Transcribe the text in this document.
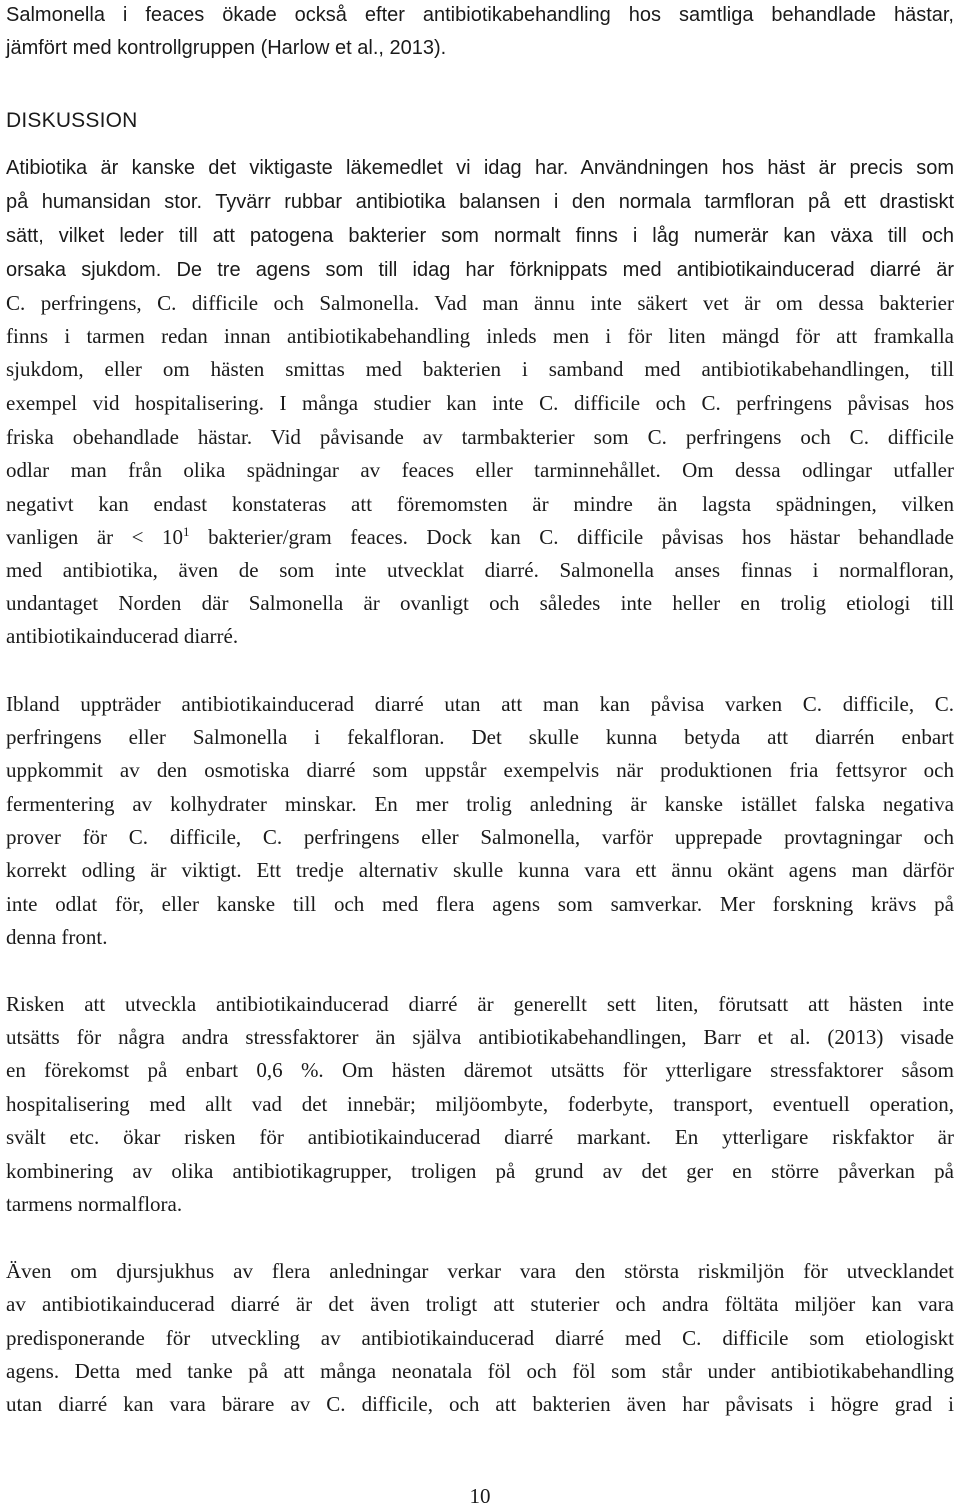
Salmonella i feaces ökade också efter antibiotikabehandling hos samtliga behandlade hästar,
jämfört med kontrollgruppen (Harlow et al., 2013).
DISKUSSION
Atibiotika är kanske det viktigaste läkemedlet vi idag har. Användningen hos häst är precis som
på humansidan stor. Tyvärr rubbar antibiotika balansen i den normala tarmfloran på ett drastiskt
sätt, vilket leder till att patogena bakterier som normalt finns i låg numerär kan växa till och
orsaka sjukdom. De tre agens som till idag har förknippats med antibiotikainducerad diarré är
C. perfringens, C. difficile och Salmonella. Vad man ännu inte säkert vet är om dessa bakterier
finns i tarmen redan innan antibiotikabehandling inleds men i för liten mängd för att framkalla
sjukdom, eller om hästen smittas med bakterien i samband med antibiotikabehandlingen, till
exempel vid hospitalisering. I många studier kan inte C. difficile och C. perfringens påvisas hos
friska obehandlade hästar. Vid påvisande av tarmbakterier som C. perfringens och C. difficile
odlar man från olika spädningar av feaces eller tarminnehållet. Om dessa odlingar utfaller
negativt kan endast konstateras att föremomsten är mindre än lagsta spädningen, vilken
vanligen är < $10^1$ bakterier/gram feaces. Dock kan C. difficile påvisas hos hästar behandlade
med antibiotika, även de som inte utvecklat diarré. Salmonella anses finnas i normalfloran,
undantaget Norden där Salmonella är ovanligt och således inte heller en trolig etiologi till
antibiotikainducerad diarré.
Ibland uppträder antibiotikainducerad diarré utan att man kan påvisa varken C. difficile, C.
perfringens eller Salmonella i fekalfloran. Det skulle kunna betyda att diarrén enbart
uppkommit av den osmotiska diarré som uppstår exempelvis när produktionen fria fettsyror och
fermentering av kolhydrater minskar. En mer trolig anledning är kanske istället falska negativa
prover för C. difficile, C. perfringens eller Salmonella, varför upprepade provtagningar och
korrekt odling är viktigt. Ett tredje alternativ skulle kunna vara ett ännu okänt agens man därför
inte odlat för, eller kanske till och med flera agens som samverkar. Mer forskning krävs på
denna front.
Risken att utveckla antibiotikainducerad diarré är generellt sett liten, förutsatt att hästen inte
utsätts för några andra stressfaktorer än själva antibiotikabehandlingen, Barr et al. (2013) visade
en förekomst på enbart 0,6 %. Om hästen däremot utsätts för ytterligare stressfaktorer såsom
hospitalisering med allt vad det innebär; miljöombyte, foderbyte, transport, eventuell operation,
svält etc. ökar risken för antibiotikainducerad diarré markant. En ytterligare riskfaktor är
kombinering av olika antibiotikagrupper, troligen på grund av det ger en större påverkan på
tarmens normalflora.
Även om djursjukhus av flera anledningar verkar vara den största riskmiljön för utvecklandet
av antibiotikainducerad diarré är det även troligt att stuterier och andra föltäta miljöer kan vara
predisponerande för utveckling av antibiotikainducerad diarré med C. difficile som etiologiskt
agens. Detta med tanke på att många neonatala föl och föl som står under antibiotikabehandling
utan diarré kan vara bärare av C. difficile, och att bakterien även har påvisats i högre grad i
10
